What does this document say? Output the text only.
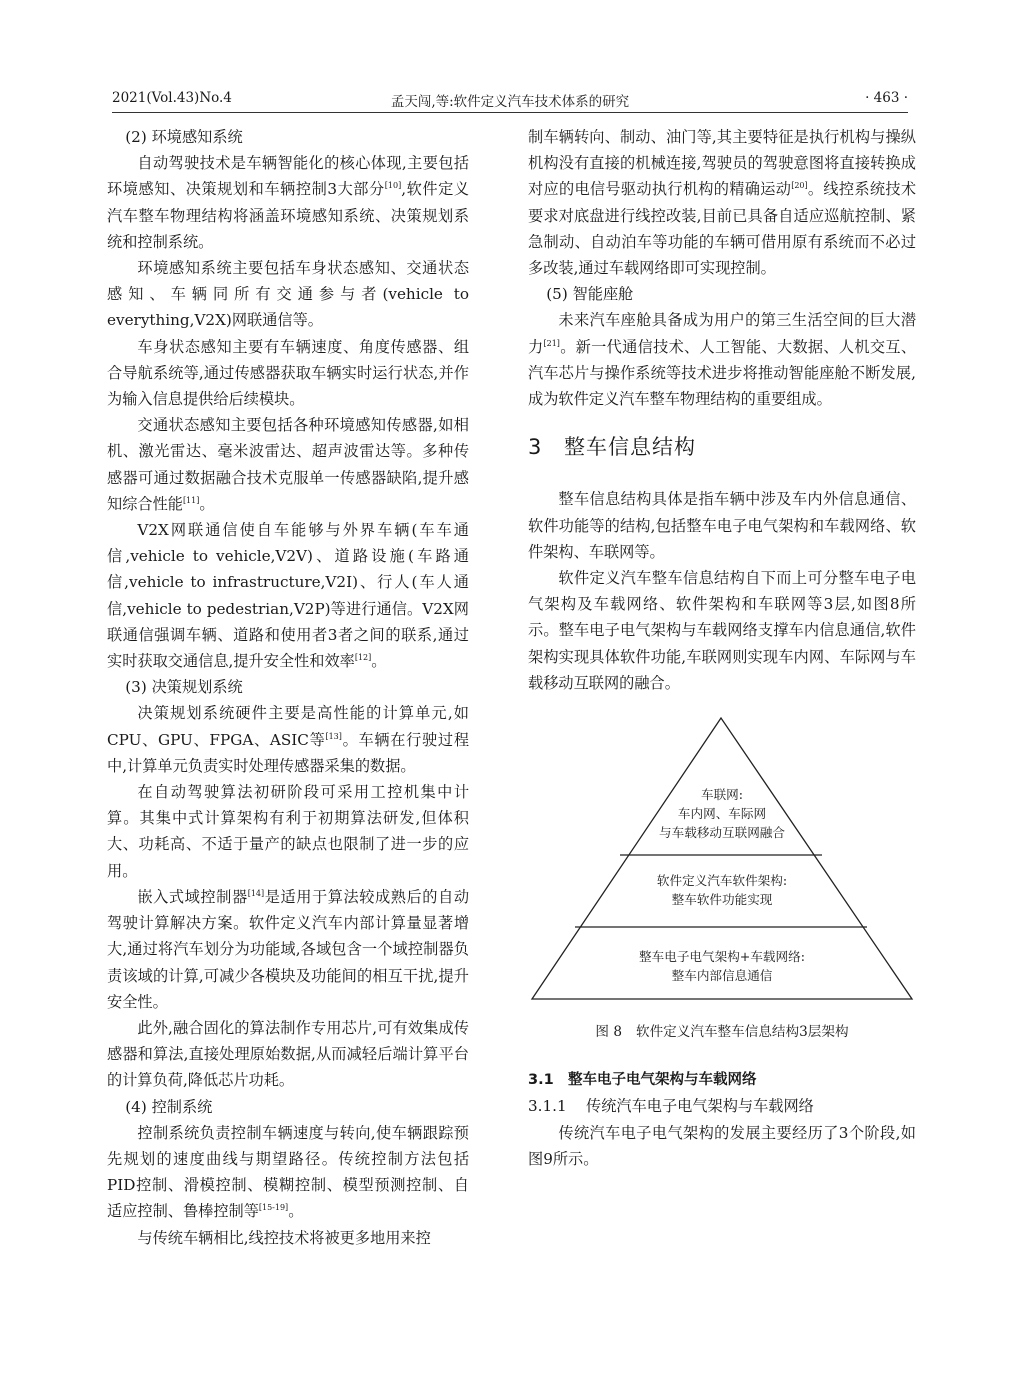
2021(Vol.43)No.4	孟天闯,等:软件定义汽车技术体系的研究	· 463 ·

(2) 环境感知系统

自动驾驶技术是车辆智能化的核心体现,主要包括环境感知、决策规划和车辆控制3大部分[10],软件定义汽车整车物理结构将涵盖环境感知系统、决策规划系统和控制系统。

环境感知系统主要包括车身状态感知、交通状态感知、车辆同所有交通参与者(vehicle to everything,V2X)网联通信等。

车身状态感知主要有车辆速度、角度传感器、组合导航系统等,通过传感器获取车辆实时运行状态,并作为输入信息提供给后续模块。

交通状态感知主要包括各种环境感知传感器,如相机、激光雷达、毫米波雷达、超声波雷达等。多种传感器可通过数据融合技术克服单一传感器缺陷,提升感知综合性能[11]。

V2X网联通信使自车能够与外界车辆(车车通信,vehicle to vehicle,V2V)、道路设施(车路通信,vehicle to infrastructure,V2I)、行人(车人通信,vehicle to pedestrian,V2P)等进行通信。V2X网联通信强调车辆、道路和使用者3者之间的联系,通过实时获取交通信息,提升安全性和效率[12]。

(3) 决策规划系统

决策规划系统硬件主要是高性能的计算单元,如CPU、GPU、FPGA、ASIC等[13]。车辆在行驶过程中,计算单元负责实时处理传感器采集的数据。

在自动驾驶算法初研阶段可采用工控机集中计算。其集中式计算架构有利于初期算法研发,但体积大、功耗高、不适于量产的缺点也限制了进一步的应用。

嵌入式域控制器[14]是适用于算法较成熟后的自动驾驶计算解决方案。软件定义汽车内部计算量显著增大,通过将汽车划分为功能域,各域包含一个域控制器负责该域的计算,可减少各模块及功能间的相互干扰,提升安全性。

此外,融合固化的算法制作专用芯片,可有效集成传感器和算法,直接处理原始数据,从而减轻后端计算平台的计算负荷,降低芯片功耗。

(4) 控制系统

控制系统负责控制车辆速度与转向,使车辆跟踪预先规划的速度曲线与期望路径。传统控制方法包括PID控制、滑模控制、模糊控制、模型预测控制、自适应控制、鲁棒控制等[15-19]。

与传统车辆相比,线控技术将被更多地用来控

制车辆转向、制动、油门等,其主要特征是执行机构与操纵机构没有直接的机械连接,驾驶员的驾驶意图将直接转换成对应的电信号驱动执行机构的精确运动[20]。线控系统技术要求对底盘进行线控改装,目前已具备自适应巡航控制、紧急制动、自动泊车等功能的车辆可借用原有系统而不必过多改装,通过车载网络即可实现控制。

(5) 智能座舱

未来汽车座舱具备成为用户的第三生活空间的巨大潜力[21]。新一代通信技术、人工智能、大数据、人机交互、汽车芯片与操作系统等技术进步将推动智能座舱不断发展,成为软件定义汽车整车物理结构的重要组成。

3 整车信息结构

整车信息结构具体是指车辆中涉及车内外信息通信、软件功能等的结构,包括整车电子电气架构和车载网络、软件架构、车联网等。

软件定义汽车整车信息结构自下而上可分整车电子电气架构及车载网络、软件架构和车联网等3层,如图8所示。整车电子电气架构与车载网络支撑车内信息通信,软件架构实现具体软件功能,车联网则实现车内网、车际网与车载移动互联网的融合。

车联网:
车内网、车际网
与车载移动互联网融合
软件定义汽车软件架构:
整车软件功能实现
整车电子电气架构+车载网络:
整车内部信息通信
图 8 软件定义汽车整车信息结构3层架构
3.1 整车电子电气架构与车载网络
3.1.1 传统汽车电子电气架构与车载网络

传统汽车电子电气架构的发展主要经历了3个阶段,如图9所示。
